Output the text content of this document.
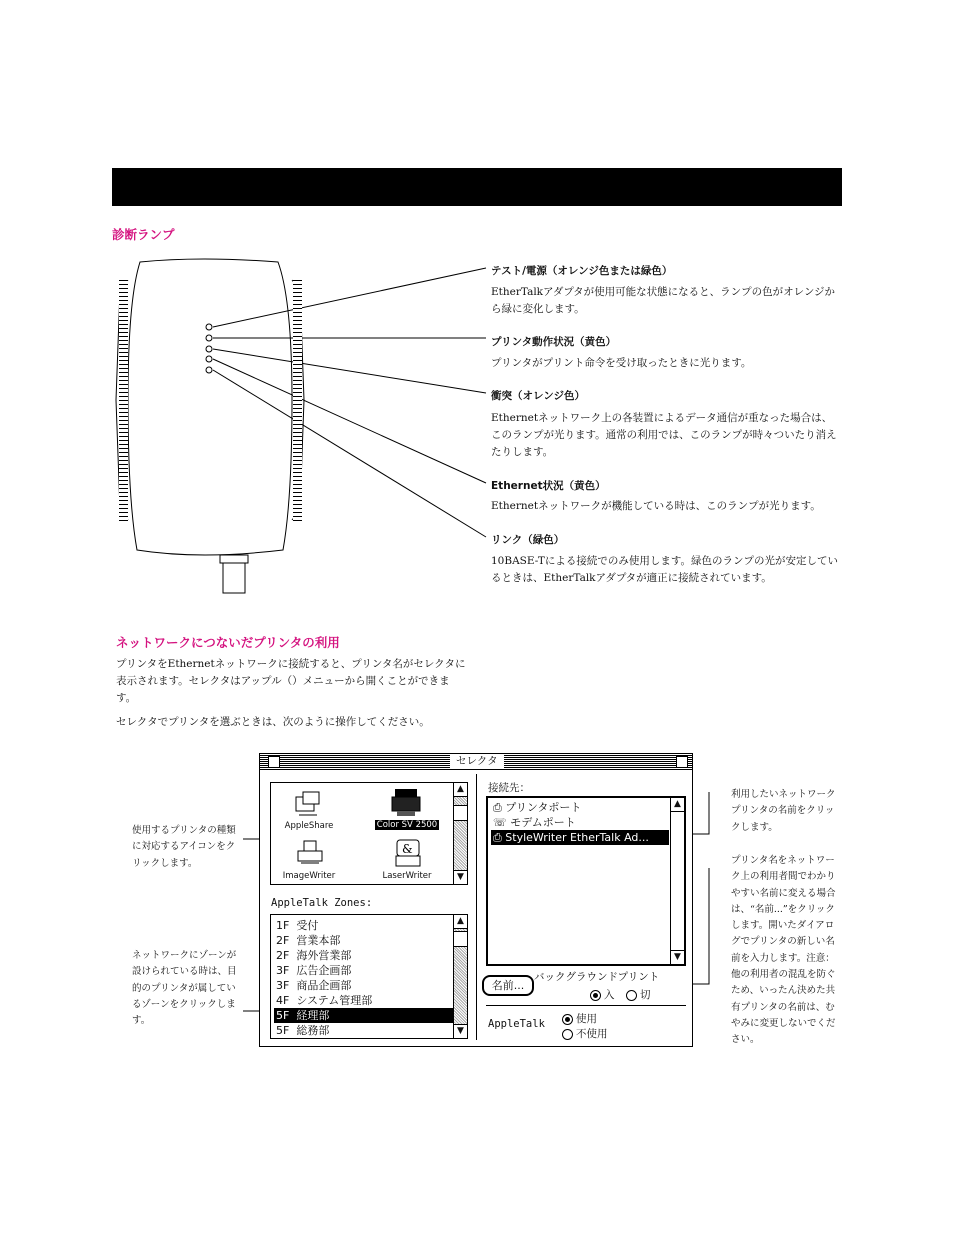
診断ランプ
テスト/電源（オレンジ色または緑色）
EtherTalkアダプタが使用可能な状態になると、ランプの色がオレンジから緑に変化します。
プリンタ動作状況（黄色）
プリンタがプリント命令を受け取ったときに光ります。
衝突（オレンジ色）
Ethernetネットワーク上の各装置によるデータ通信が重なった場合は、このランプが光ります。通常の利用では、このランプが時々ついたり消えたりします。
Ethernet状況（黄色）
Ethernetネットワークが機能している時は、このランプが光ります。
リンク（緑色）
10BASE-Tによる接続でのみ使用します。緑色のランプの光が安定しているときは、EtherTalkアダプタが適正に接続されています。
ネットワークにつないだプリンタの利用
プリンタをEthernetネットワークに接続すると、プリンタ名がセレクタに表示されます。セレクタはアップル（）メニューから開くことができます。
セレクタでプリンタを選ぶときは、次のように操作してください。
使用するプリンタの種類に対応するアイコンをクリックします。
ネットワークにゾーンが設けられている時は、目的のプリンタが属しているゾーンをクリックします。
利用したいネットワークプリンタの名前をクリックします。
プリンタ名をネットワーク上の利用者間でわかりやすい名前に変える場合は、“名前...”をクリックします。開いたダイアログでプリンタの新しい名前を入力します。注意：他の利用者の混乱を防ぐため、いったん決めた共有プリンタの名前は、むやみに変更しないでください。
セレクタ
AppleShare	Color SV 2500
ImageWriter
&
LaserWriter
▲
▼
AppleTalk Zones:
1F 受付
2F 営業本部
2F 海外営業部
3F 広告企画部
3F 商品企画部
4F システム管理部
5F 経理部
5F 総務部
▲
▼
接続先：
⎙ プリンタポート
☏ モデムポート
⎙ StyleWriter EtherTalk Ad...
▲
▼
名前...
バックグラウンドプリント
入	切
AppleTalk	使用
不使用
